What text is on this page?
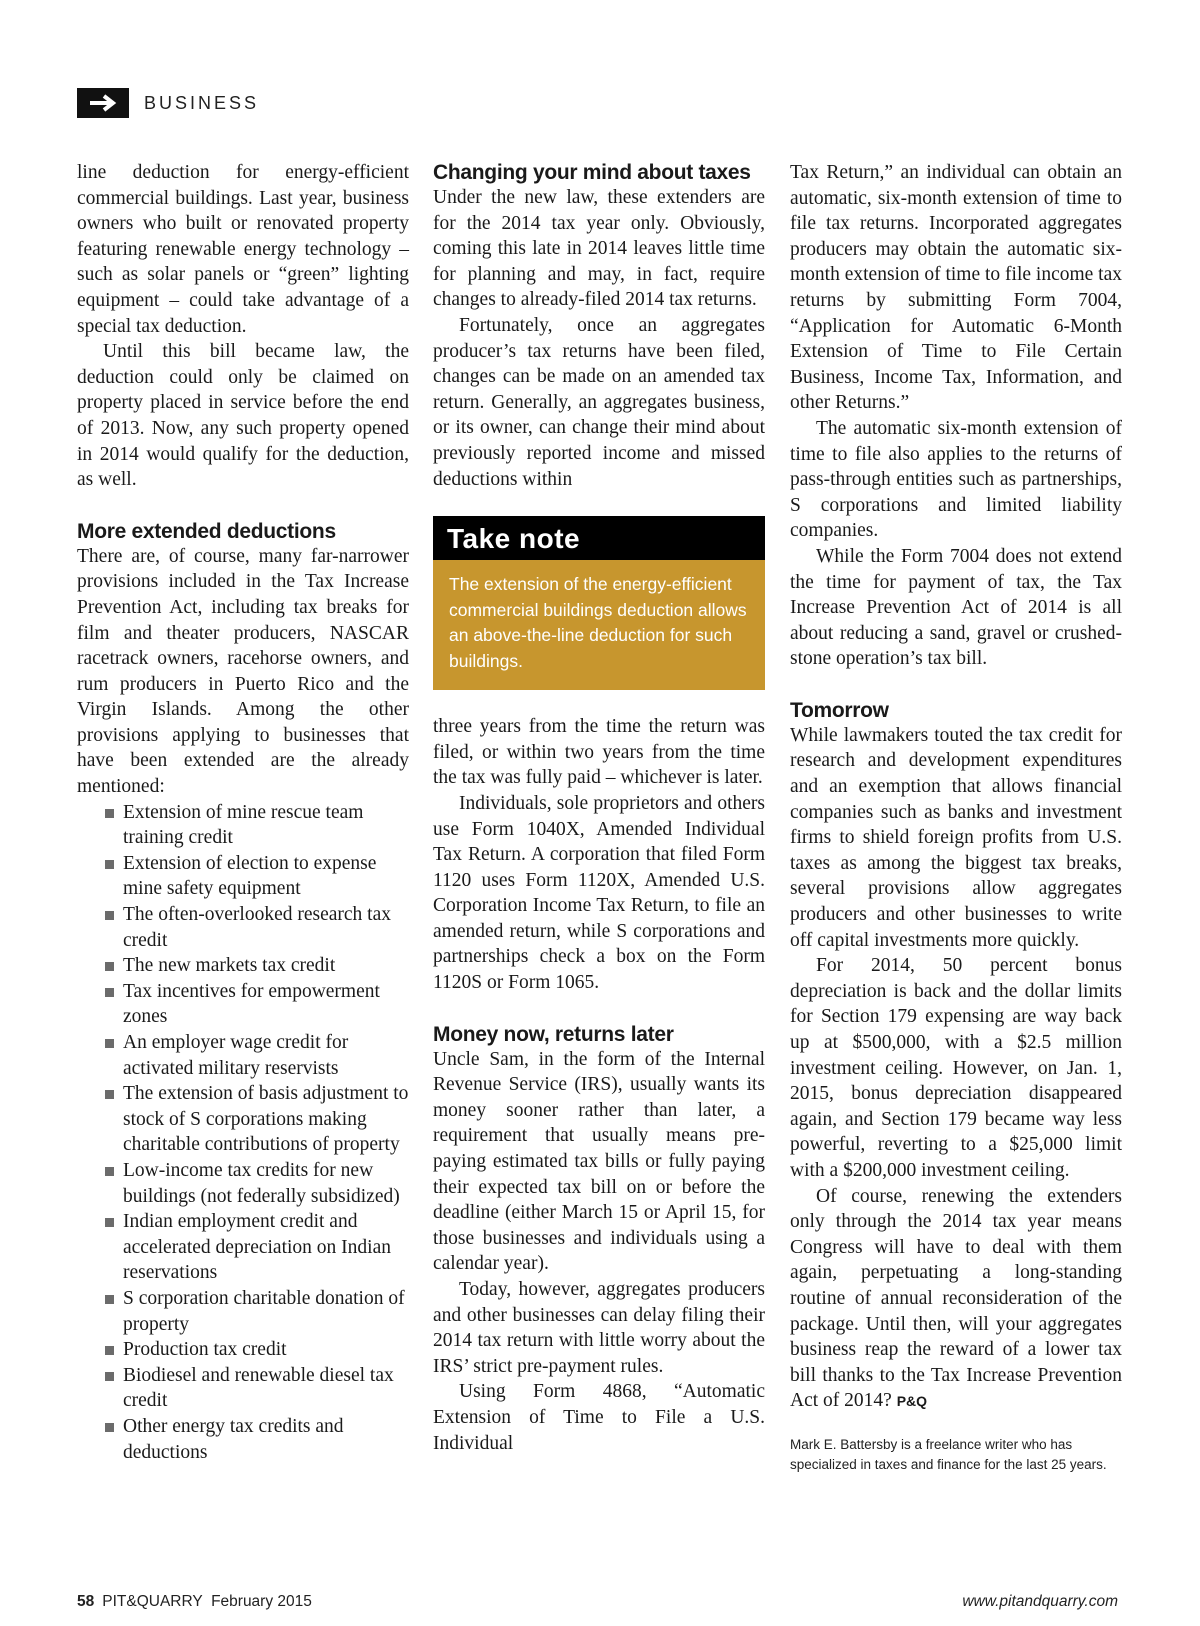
BUSINESS

line deduction for energy-efficient commercial buildings. Last year, business owners who built or renovated property featuring renewable energy technology – such as solar panels or “green” lighting equipment – could take advantage of a special tax deduction.

Until this bill became law, the deduction could only be claimed on property placed in service before the end of 2013. Now, any such property opened in 2014 would qualify for the deduction, as well.

More extended deductions

There are, of course, many far-narrower provisions included in the Tax Increase Prevention Act, including tax breaks for film and theater producers, NASCAR racetrack owners, racehorse owners, and rum producers in Puerto Rico and the Virgin Islands. Among the other provisions applying to businesses that have been extended are the already mentioned:

Extension of mine rescue team training credit
Extension of election to expense mine safety equipment
The often-overlooked research tax credit
The new markets tax credit
Tax incentives for empowerment zones
An employer wage credit for activated military reservists
The extension of basis adjustment to stock of S corporations making charitable contributions of property
Low-income tax credits for new buildings (not federally subsidized)
Indian employment credit and accelerated depreciation on Indian reservations
S corporation charitable donation of property
Production tax credit
Biodiesel and renewable diesel tax credit
Other energy tax credits and deductions
Changing your mind about taxes

Under the new law, these extenders are for the 2014 tax year only. Obviously, coming this late in 2014 leaves little time for planning and may, in fact, require changes to already-filed 2014 tax returns.

Fortunately, once an aggregates producer’s tax returns have been filed, changes can be made on an amended tax return. Generally, an aggregates business, or its owner, can change their mind about previously reported income and missed deductions within

Take note
The extension of the energy-efficient commercial buildings deduction allows an above-the-line deduction for such buildings.

three years from the time the return was filed, or within two years from the time the tax was fully paid – whichever is later.

Individuals, sole proprietors and others use Form 1040X, Amended Individual Tax Return. A corporation that filed Form 1120 uses Form 1120X, Amended U.S. Corporation Income Tax Return, to file an amended return, while S corporations and partnerships check a box on the Form 1120S or Form 1065.

Money now, returns later

Uncle Sam, in the form of the Internal Revenue Service (IRS), usually wants its money sooner rather than later, a requirement that usually means pre-paying estimated tax bills or fully paying their expected tax bill on or before the deadline (either March 15 or April 15, for those businesses and individuals using a calendar year).

Today, however, aggregates producers and other businesses can delay filing their 2014 tax return with little worry about the IRS’ strict pre-payment rules.

Using Form 4868, “Automatic Extension of Time to File a U.S. Individual

Tax Return,” an individual can obtain an automatic, six-month extension of time to file tax returns. Incorporated aggregates producers may obtain the automatic six-month extension of time to file income tax returns by submitting Form 7004, “Application for Automatic 6-Month Extension of Time to File Certain Business, Income Tax, Information, and other Returns.”

The automatic six-month extension of time to file also applies to the returns of pass-through entities such as partnerships, S corporations and limited liability companies.

While the Form 7004 does not extend the time for payment of tax, the Tax Increase Prevention Act of 2014 is all about reducing a sand, gravel or crushed-stone operation’s tax bill.

Tomorrow

While lawmakers touted the tax credit for research and development expenditures and an exemption that allows financial companies such as banks and investment firms to shield foreign profits from U.S. taxes as among the biggest tax breaks, several provisions allow aggregates producers and other businesses to write off capital investments more quickly.

For 2014, 50 percent bonus depreciation is back and the dollar limits for Section 179 expensing are way back up at $500,000, with a $2.5 million investment ceiling. However, on Jan. 1, 2015, bonus depreciation disappeared again, and Section 179 became way less powerful, reverting to a $25,000 limit with a $200,000 investment ceiling.

Of course, renewing the extenders only through the 2014 tax year means Congress will have to deal with them again, perpetuating a long-standing routine of annual reconsideration of the package. Until then, will your aggregates business reap the reward of a lower tax bill thanks to the Tax Increase Prevention Act of 2014? P&Q

Mark E. Battersby is a freelance writer who has specialized in taxes and finance for the last 25 years.

58 PIT&QUARRY  February 2015	www.pitandquarry.com
